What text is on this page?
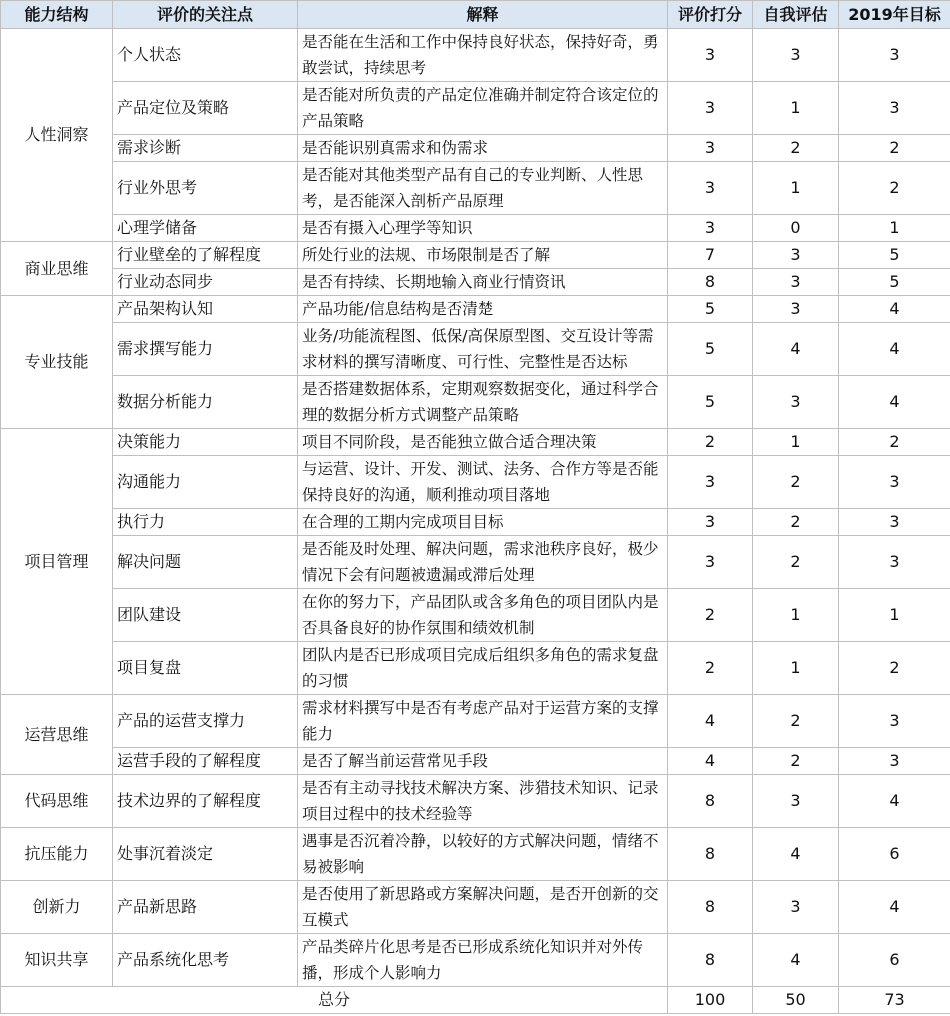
能力结构	评价的关注点	解释	评价打分	自我评估	2019年目标
人性洞察	个人状态	是否能在生活和工作中保持良好状态，保持好奇，勇敢尝试，持续思考	3	3	3
	产品定位及策略	是否能对所负责的产品定位准确并制定符合该定位的产品策略	3	1	3
	需求诊断	是否能识别真需求和伪需求	3	2	2
	行业外思考	是否能对其他类型产品有自己的专业判断、人性思考，是否能深入剖析产品原理	3	1	2
	心理学储备	是否有摄入心理学等知识	3	0	1
商业思维	行业壁垒的了解程度	所处行业的法规、市场限制是否了解	7	3	5
	行业动态同步	是否有持续、长期地输入商业行情资讯	8	3	5
专业技能	产品架构认知	产品功能/信息结构是否清楚	5	3	4
	需求撰写能力	业务/功能流程图、低保/高保原型图、交互设计等需求材料的撰写清晰度、可行性、完整性是否达标	5	4	4
	数据分析能力	是否搭建数据体系，定期观察数据变化，通过科学合理的数据分析方式调整产品策略	5	3	4
项目管理	决策能力	项目不同阶段，是否能独立做合适合理决策	2	1	2
	沟通能力	与运营、设计、开发、测试、法务、合作方等是否能保持良好的沟通，顺利推动项目落地	3	2	3
	执行力	在合理的工期内完成项目目标	3	2	3
	解决问题	是否能及时处理、解决问题，需求池秩序良好，极少情况下会有问题被遗漏或滞后处理	3	2	3
	团队建设	在你的努力下，产品团队或含多角色的项目团队内是否具备良好的协作氛围和绩效机制	2	1	1
	项目复盘	团队内是否已形成项目完成后组织多角色的需求复盘的习惯	2	1	2
运营思维	产品的运营支撑力	需求材料撰写中是否有考虑产品对于运营方案的支撑能力	4	2	3
	运营手段的了解程度	是否了解当前运营常见手段	4	2	3
代码思维	技术边界的了解程度	是否有主动寻找技术解决方案、涉猎技术知识、记录项目过程中的技术经验等	8	3	4
抗压能力	处事沉着淡定	遇事是否沉着冷静，以较好的方式解决问题，情绪不易被影响	8	4	6
创新力	产品新思路	是否使用了新思路或方案解决问题，是否开创新的交互模式	8	3	4
知识共享	产品系统化思考	产品类碎片化思考是否已形成系统化知识并对外传播，形成个人影响力	8	4	6
总分			100	50	73
